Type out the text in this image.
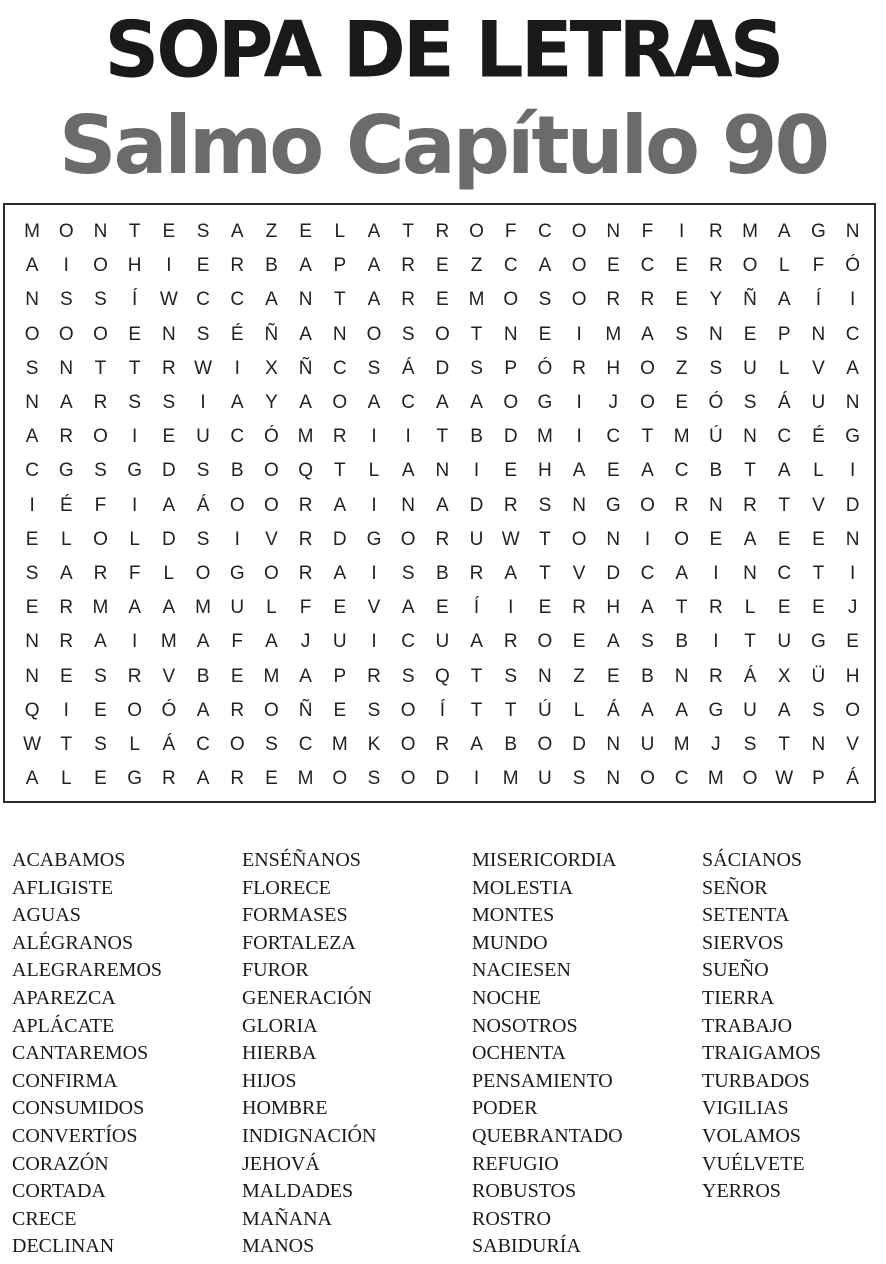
SOPA DE LETRAS
Salmo Capítulo 90
M O	N	T	E	S	A	Z	E	L	A	T	R	O	F	C	O	N	F	I	R	M	A	G	N
A	I	O	H	I	E	R	B	A	P	A	R	E	Z	C	A	O	E	C	E	R	O	L	F	Ó
N	S	S	Í	W C	C	A	N	T	A	R	E	M O	S	O	R	R	E	Y	Ñ	A	Í	I
O	O	O	E	N	S	É	Ñ	A	N	O	S	O	T	N	E	I	M	A	S	N	E	P	N	C
S	N	T	T	R W	I	X	Ñ	C	S	Á	D	S	P	Ó	R	H	O	Z	S	U	L	V	A
N	A	R	S	S	I	A	Y	A	O	A	C	A	A	O	G	I	J	O	E	Ó	S	Á	U	N
A	R	O	I	E	U	C	Ó M	R	I	I	T	B	D	M	I	C	T	M	Ú	N	C	É	G
C	G	S	G	D	S	B	O	Q	T	L	A	N	I	E	H	A	E	A	C	B	T	A	L	I
I	É	F	I	A	Á	O	O	R	A	I	N	A	D	R	S	N	G	O	R	N	R	T	V	D
E	L	O	L	D	S	I	V	R	D	G	O	R	U W	T	O	N	I	O	E	A	E	E	N
S	A	R	F	L	O	G	O	R	A	I	S	B	R	A	T	V	D	C	A	I	N	C	T	I
E	R	M	A	A	M	U	L	F	E	V	A	E	Í	I	E	R	H	A	T	R	L	E	E	J
N	R	A	I	M	A	F	A	J	U	I	C	U	A	R	O	E	A	S	B	I	T	U	G	E
N	E	S	R	V	B	E	M	A	P	R	S	Q	T	S	N	Z	E	B	N	R	Á	X	Ü	H
Q	I	E	O	Ó	A	R	O	Ñ	E	S	O	Í	T	T	Ú	L	Á	A	A	G	U	A	S	O
W	T	S	L	Á	C	O	S	C	M	K	O	R	A	B	O	D	N	U	M	J	S	T	N	V
A	L	E	G	R	A	R	E	M O	S	O	D	I	M	U	S	N	O	C	M O W P	Á
ACABAMOS
AFLIGISTE
AGUAS
ALÉGRANOS
ALEGRAREMOS
APAREZCA
APLÁCATE
CANTAREMOS
CONFIRMA
CONSUMIDOS
CONVERTÍOS
CORAZÓN
CORTADA
CRECE
DECLINAN
ENSÉÑANOS
FLORECE
FORMASES
FORTALEZA
FUROR
GENERACIÓN
GLORIA
HIERBA
HIJOS
HOMBRE
INDIGNACIÓN
JEHOVÁ
MALDADES
MAÑANA
MANOS
MISERICORDIA
MOLESTIA
MONTES
MUNDO
NACIESEN
NOCHE
NOSOTROS
OCHENTA
PENSAMIENTO
PODER
QUEBRANTADO
REFUGIO
ROBUSTOS
ROSTRO
SABIDURÍA
SÁCIANOS
SEÑOR
SETENTA
SIERVOS
SUEÑO
TIERRA
TRABAJO
TRAIGAMOS
TURBADOS
VIGILIAS
VOLAMOS
VUÉLVETE
YERROS
